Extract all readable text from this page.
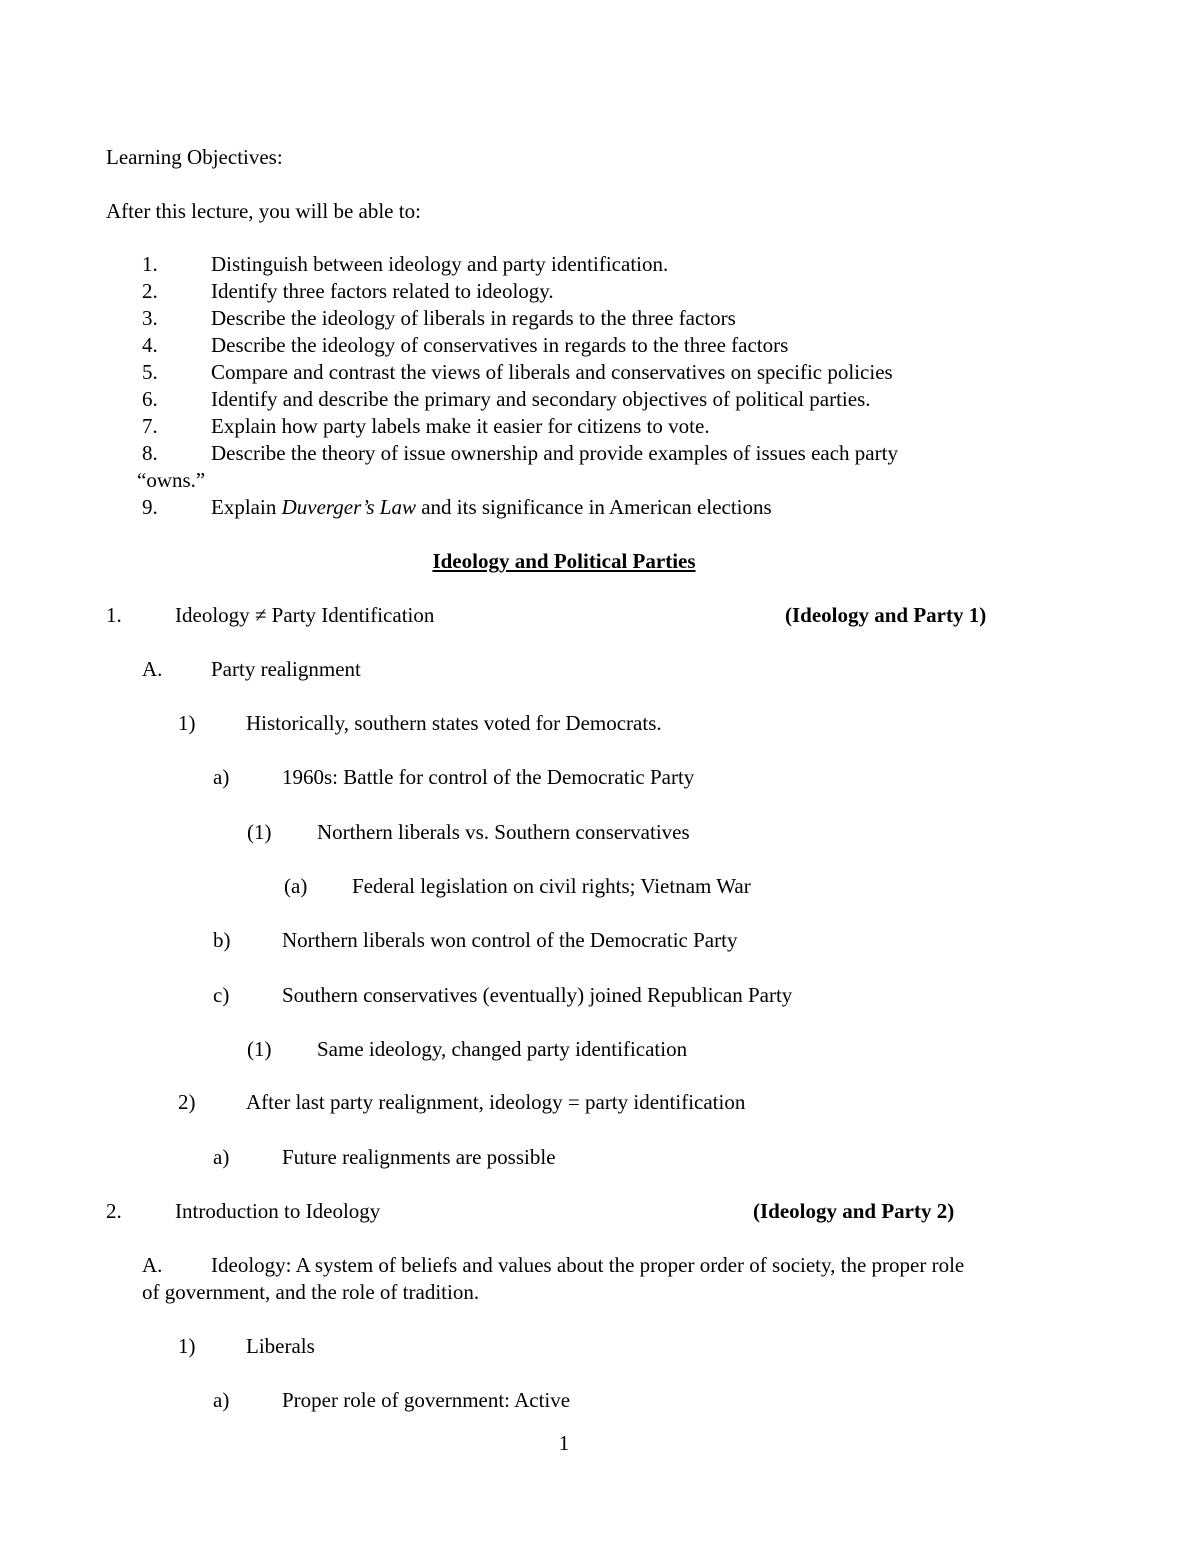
Learning Objectives:
After this lecture, you will be able to:
1.	Distinguish between ideology and party identification.
2.	Identify three factors related to ideology.
3.	Describe the ideology of liberals in regards to the three factors
4.	Describe the ideology of conservatives in regards to the three factors
5.	Compare and contrast the views of liberals and conservatives on specific policies
6.	Identify and describe the primary and secondary objectives of political parties.
7.	Explain how party labels make it easier for citizens to vote.
8.	Describe the theory of issue ownership and provide examples of issues each party
“owns.”
9.	Explain Duverger’s Law and its significance in American elections
Ideology and Political Parties
1.	Ideology ≠ Party Identification	(Ideology and Party 1)
A. Party realignment
1) Historically, southern states voted for Democrats.
a)	1960s: Battle for control of the Democratic Party
(1) Northern liberals vs. Southern conservatives
(a) Federal legislation on civil rights; Vietnam War
b) Northern liberals won control of the Democratic Party
c)	Southern conservatives (eventually) joined Republican Party
(1) Same ideology, changed party identification
2) After last party realignment, ideology = party identification
a)	Future realignments are possible
2.	Introduction to Ideology	(Ideology and Party 2)
A. Ideology: A system of beliefs and values about the proper order of society, the proper role
of government, and the role of tradition.
1) Liberals
a)	Proper role of government: Active
1
